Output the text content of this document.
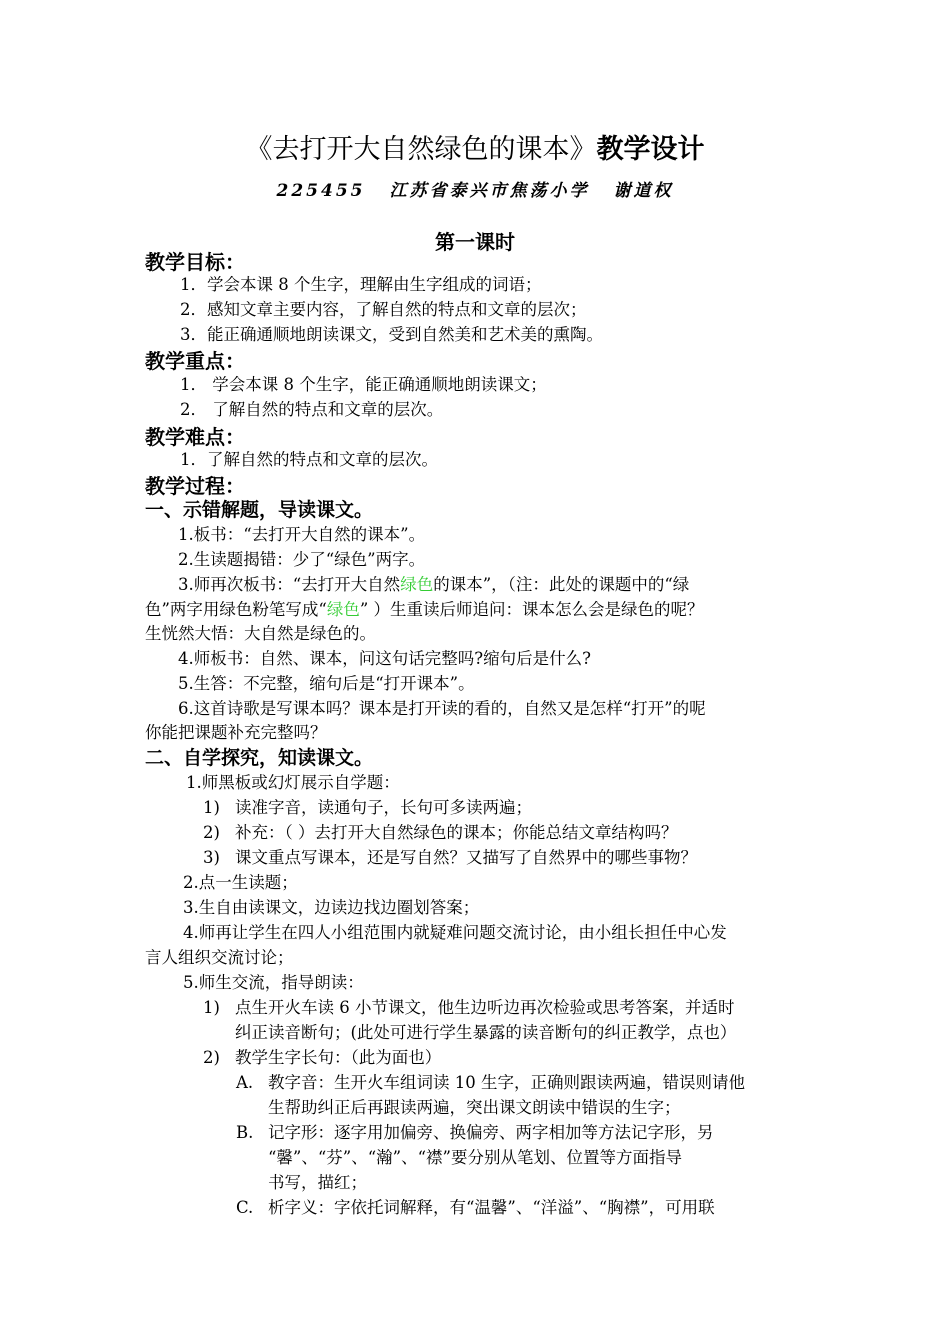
《去打开大自然绿色的课本》教学设计
225455 江苏省泰兴市焦荡小学 谢道权
第一课时
教学目标：
1．学会本课 8 个生字，理解由生字组成的词语；
2．感知文章主要内容，了解自然的特点和文章的层次；
3．能正确通顺地朗读课文，受到自然美和艺术美的熏陶。
教学重点：
1． 学会本课 8 个生字，能正确通顺地朗读课文；
2． 了解自然的特点和文章的层次。
教学难点：
1．了解自然的特点和文章的层次。
教学过程：
一、示错解题，导读课文。
1.板书：“去打开大自然的课本”。
2.生读题揭错：少了“绿色”两字。
3.师再次板书：“去打开大自然绿色的课本”，（注：此处的课题中的“绿
色”两字用绿色粉笔写成“绿色” ）生重读后师追问：课本怎么会是绿色的呢？
生恍然大悟：大自然是绿色的。
4.师板书：自然、课本，问这句话完整吗?缩句后是什么?
5.生答：不完整，缩句后是“打开课本”。
6.这首诗歌是写课本吗？课本是打开读的看的，自然又是怎样“打开”的呢
你能把课题补充完整吗？
二、自学探究，知读课文。
1.师黑板或幻灯展示自学题：
1) 读准字音，读通句子，长句可多读两遍；
2) 补充：（ ）去打开大自然绿色的课本；你能总结文章结构吗？
3) 课文重点写课本，还是写自然？又描写了自然界中的哪些事物？
2.点一生读题；
3.生自由读课文，边读边找边圈划答案；
4.师再让学生在四人小组范围内就疑难问题交流讨论，由小组长担任中心发
言人组织交流讨论；
5.师生交流，指导朗读：
1) 点生开火车读 6 小节课文，他生边听边再次检验或思考答案，并适时
纠正读音断句；(此处可进行学生暴露的读音断句的纠正教学，点也）
2) 教学生字长句：（此为面也）
A. 教字音：生开火车组词读 10 生字，正确则跟读两遍，错误则请他
生帮助纠正后再跟读两遍，突出课文朗读中错误的生字；
B. 记字形：逐字用加偏旁、换偏旁、两字相加等方法记字形，另
“馨”、“芬”、“瀚”、“襟”要分别从笔划、位置等方面指导
书写，描红；
C. 析字义：字依托词解释，有“温馨”、“洋溢”、“胸襟”，可用联
